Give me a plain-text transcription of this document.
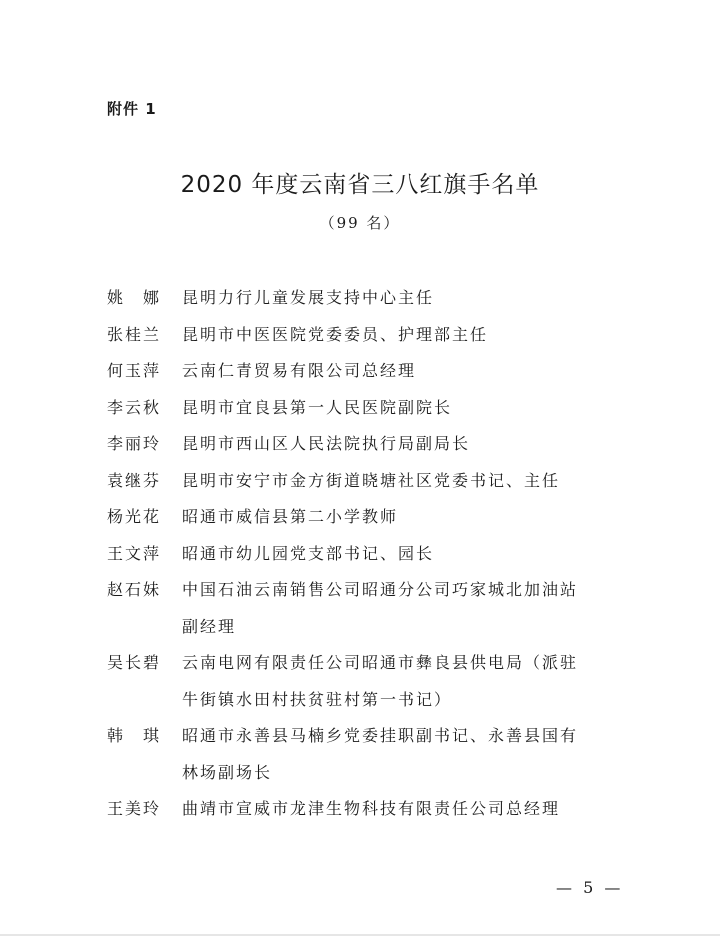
附件 1
2020 年度云南省三八红旗手名单
（99 名）
姚　娜	昆明力行儿童发展支持中心主任
张桂兰	昆明市中医医院党委委员、护理部主任
何玉萍	云南仁青贸易有限公司总经理
李云秋	昆明市宜良县第一人民医院副院长
李丽玲	昆明市西山区人民法院执行局副局长
袁继芬	昆明市安宁市金方街道晓塘社区党委书记、主任
杨光花	昭通市威信县第二小学教师
王文萍	昭通市幼儿园党支部书记、园长
赵石妹	中国石油云南销售公司昭通分公司巧家城北加油站
副经理
吴长碧	云南电网有限责任公司昭通市彝良县供电局（派驻
牛街镇水田村扶贫驻村第一书记）
韩　琪	昭通市永善县马楠乡党委挂职副书记、永善县国有
林场副场长
王美玲	曲靖市宣威市龙津生物科技有限责任公司总经理
— 5 —
